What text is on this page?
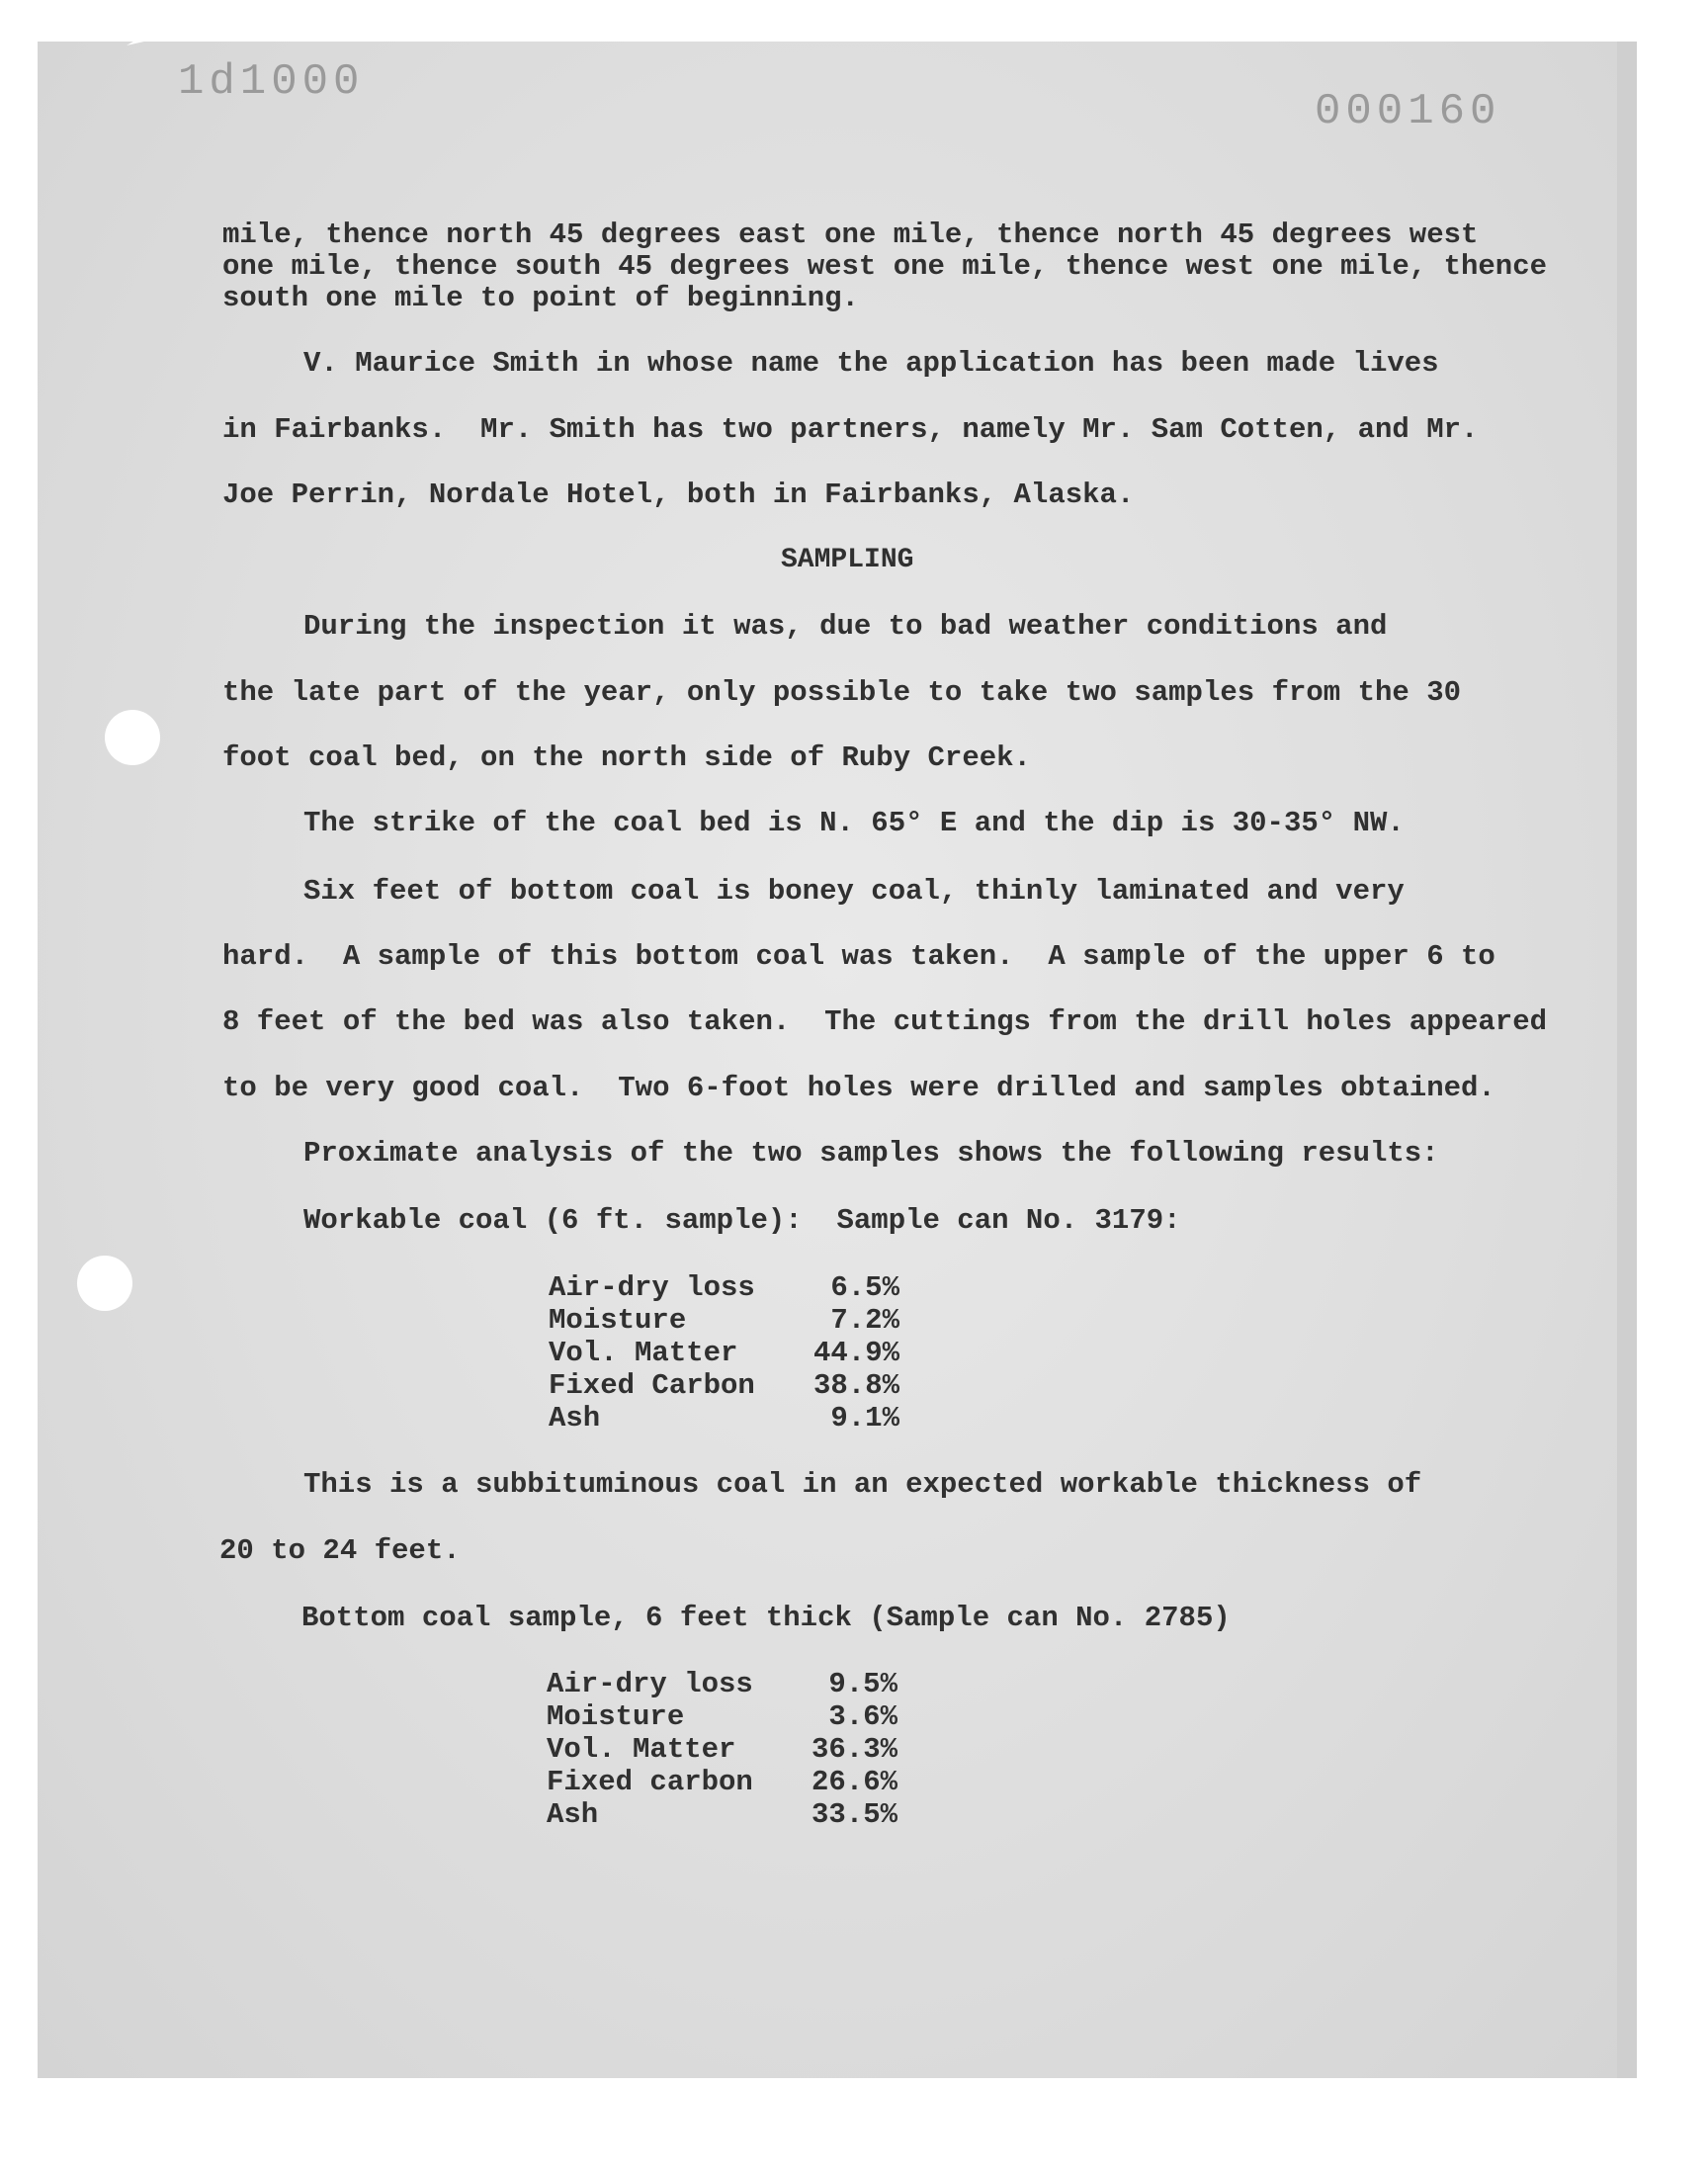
1d1000
000160

mile, thence north 45 degrees east one mile, thence north 45 degrees west

one mile, thence south 45 degrees west one mile, thence west one mile, thence

south one mile to point of beginning.

V. Maurice Smith in whose name the application has been made lives

in Fairbanks.  Mr. Smith has two partners, namely Mr. Sam Cotten, and Mr.

Joe Perrin, Nordale Hotel, both in Fairbanks, Alaska.

SAMPLING

During the inspection it was, due to bad weather conditions and

the late part of the year, only possible to take two samples from the 30

foot coal bed, on the north side of Ruby Creek.

The strike of the coal bed is N. 65° E and the dip is 30-35° NW.

Six feet of bottom coal is boney coal, thinly laminated and very

hard.  A sample of this bottom coal was taken.  A sample of the upper 6 to

8 feet of the bed was also taken.  The cuttings from the drill holes appeared

to be very good coal.  Two 6-foot holes were drilled and samples obtained.

Proximate analysis of the two samples shows the following results:

Workable coal (6 ft. sample):  Sample can No. 3179:

Air-dry loss	6.5%
Moisture	7.2%
Vol. Matter	44.9%
Fixed Carbon	38.8%
Ash	9.1%

This is a subbituminous coal in an expected workable thickness of

20 to 24 feet.

Bottom coal sample, 6 feet thick (Sample can No. 2785)

Air-dry loss	9.5%
Moisture	3.6%
Vol. Matter	36.3%
Fixed carbon	26.6%
Ash	33.5%
